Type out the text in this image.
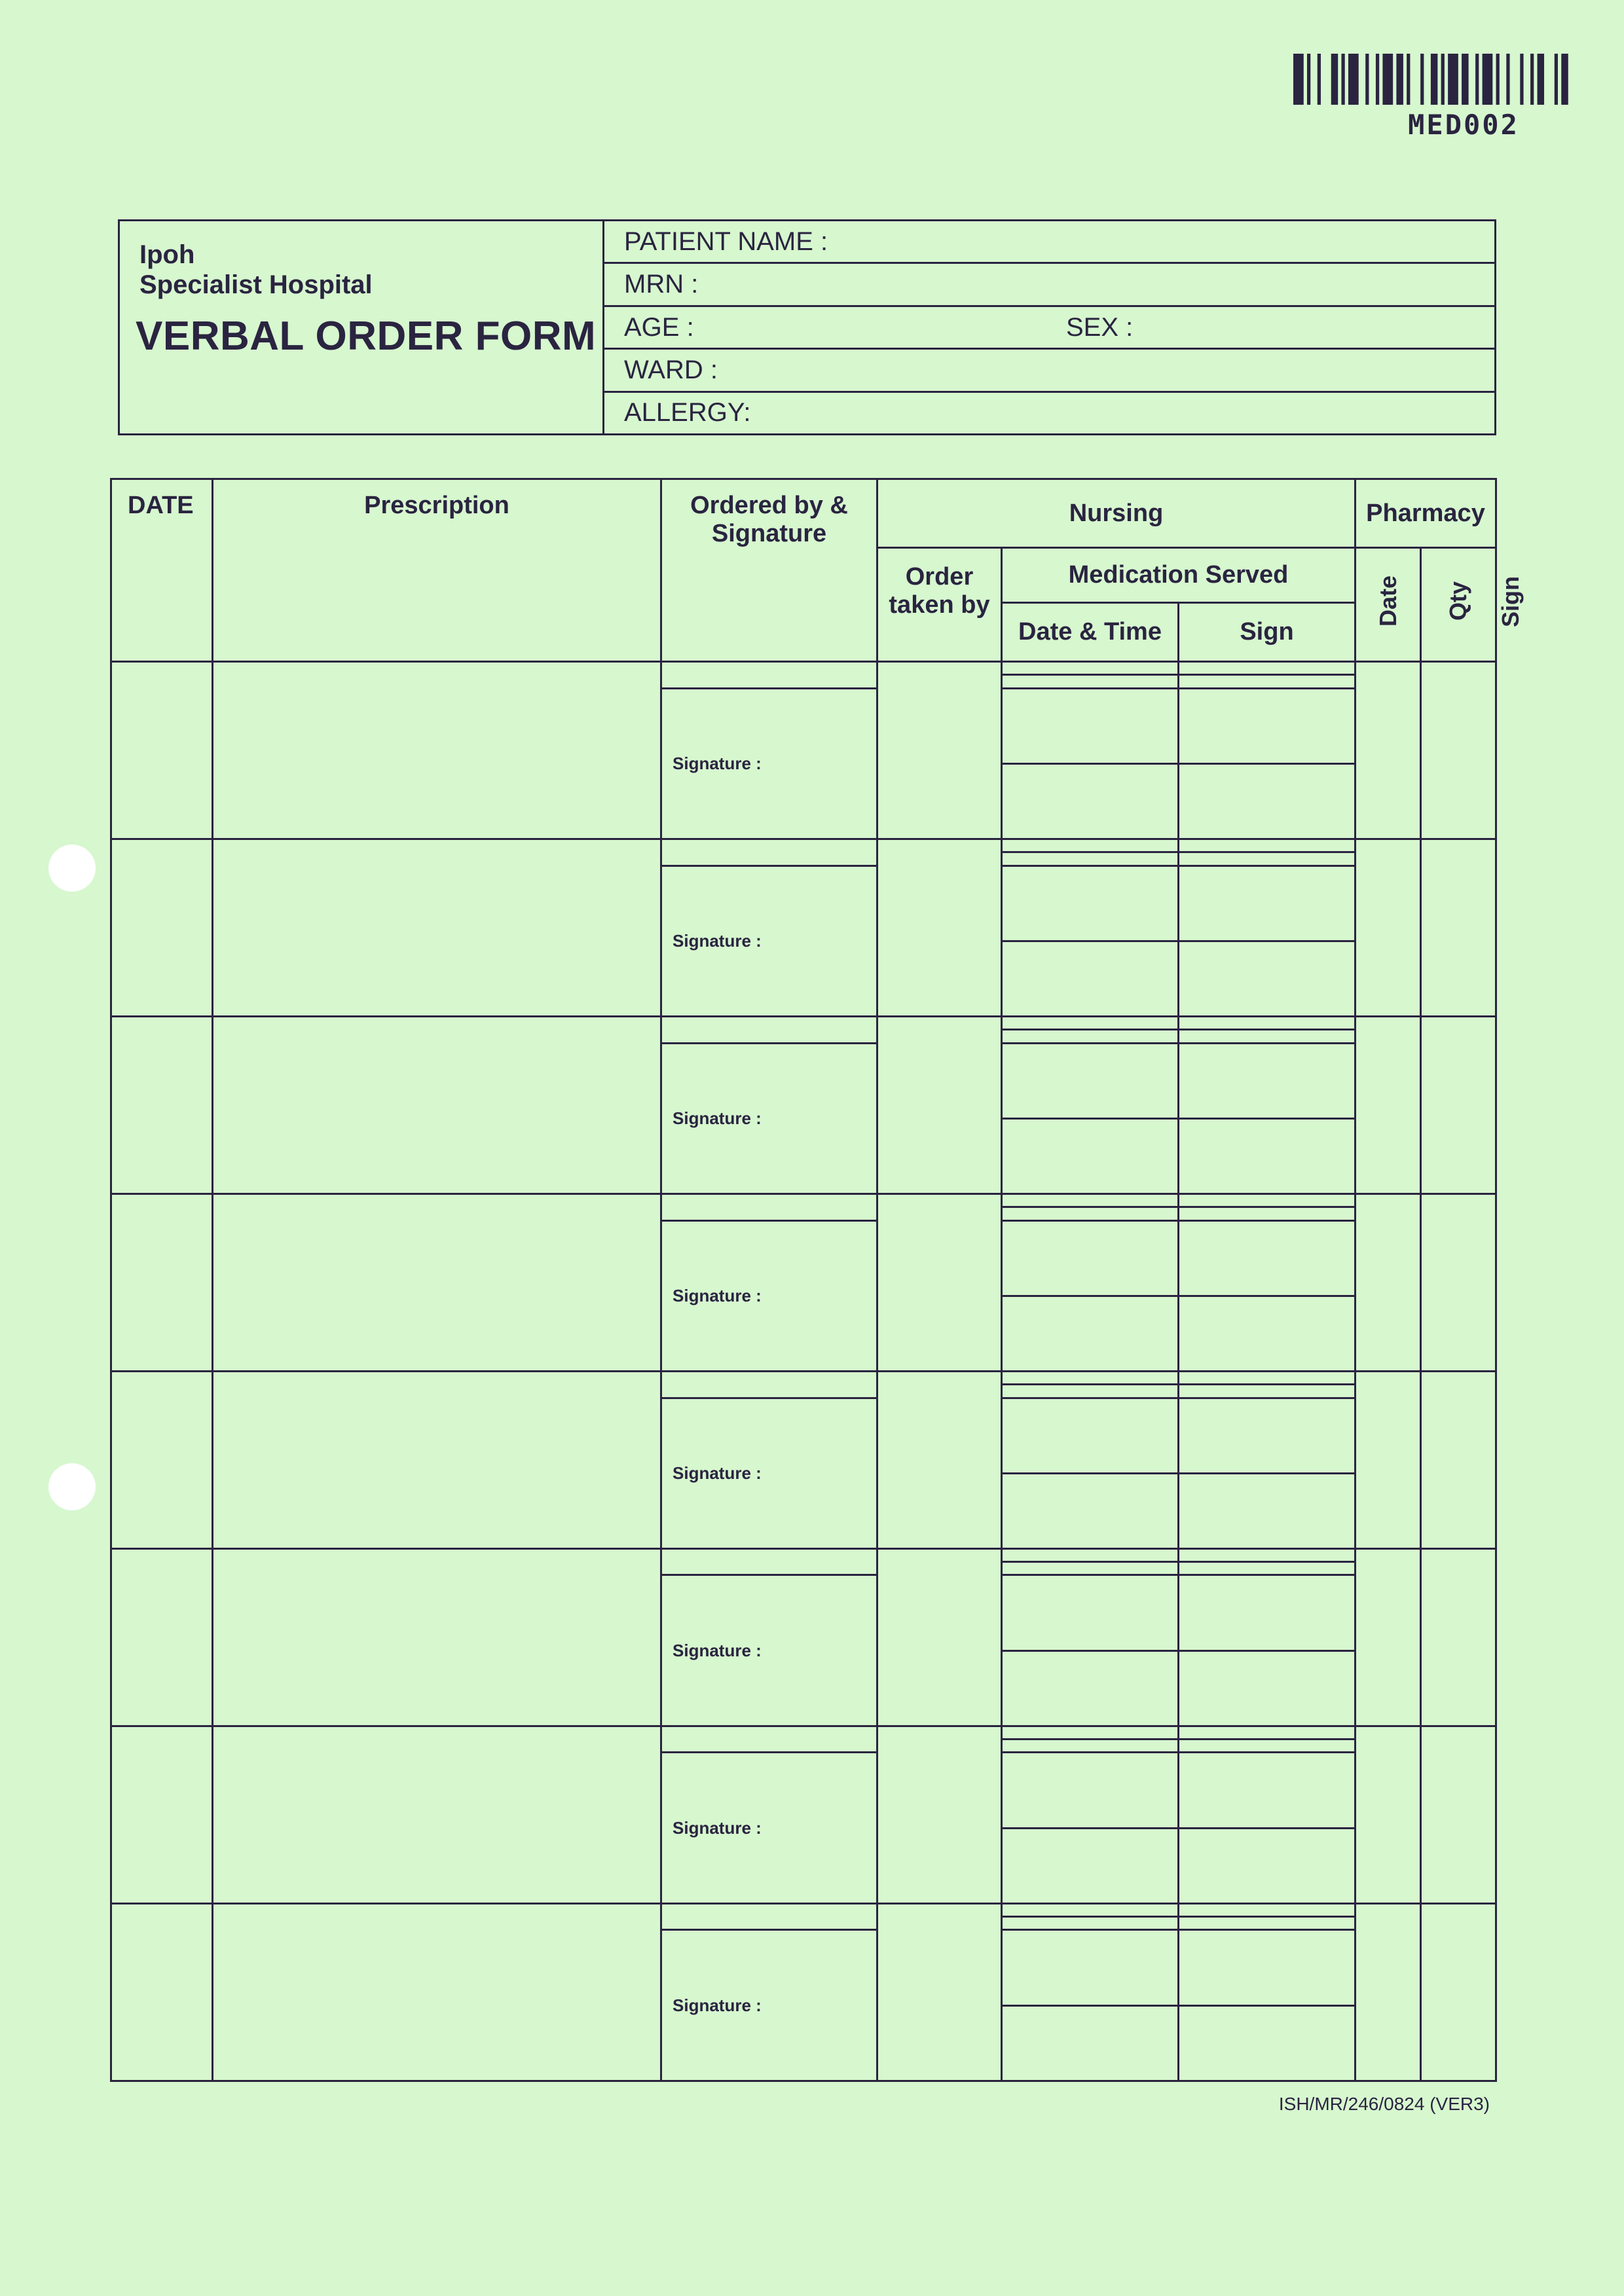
MED002
Ipoh
Specialist Hospital
VERBAL ORDER FORM
PATIENT NAME :
MRN :
AGE :	SEX :
WARD :
ALLERGY:
DATE	Prescription	Ordered by & Signature	Nursing			Pharmacy		
			Order taken by	Medication Served		Date	Qty	Sign
				Date & Time	Sign			

		Signature :						

		Signature :						

		Signature :						

		Signature :						

		Signature :						

		Signature :						

		Signature :						

		Signature :						

ISH/MR/246/0824 (VER3)
